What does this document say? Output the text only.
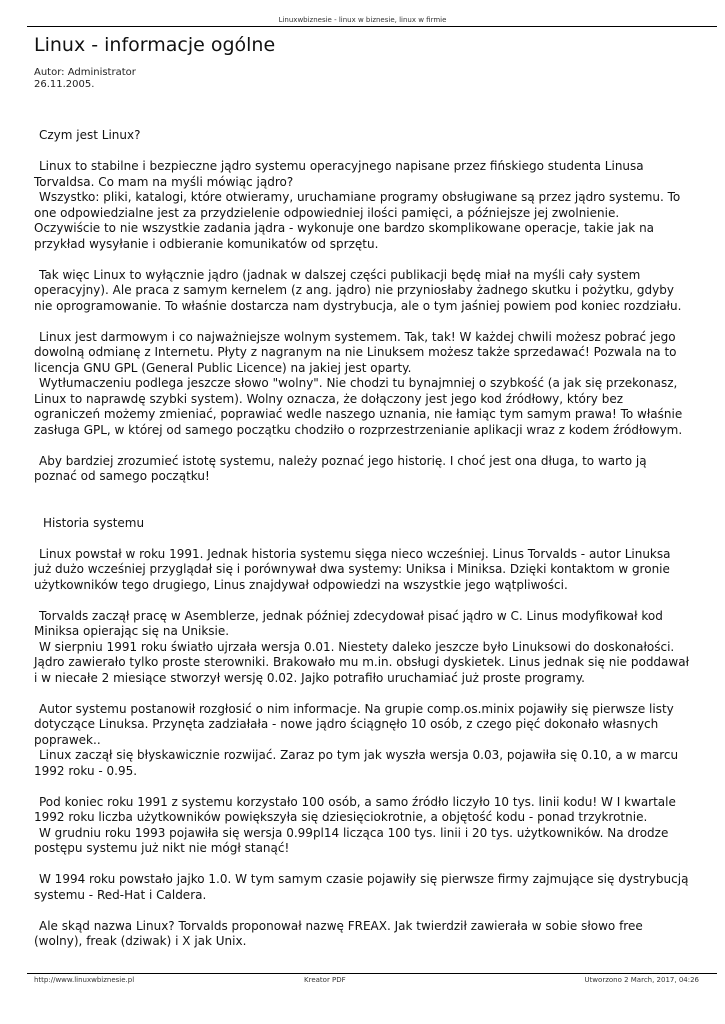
Linuxwbiznesie - linux w biznesie, linux w firmie
Linux - informacje ogólne
Autor: Administrator
26.11.2005.

Czym jest Linux?

Linux to stabilne i bezpieczne jądro systemu operacyjnego napisane przez fińskiego studenta Linusa Torvaldsa. Co mam na myśli mówiąc jądro?

Wszystko: pliki, katalogi, które otwieramy, uruchamiane programy obsługiwane są przez jądro systemu. To one odpowiedzialne jest za przydzielenie odpowiedniej ilości pamięci, a późniejsze jej zwolnienie. Oczywiście to nie wszystkie zadania jądra - wykonuje one bardzo skomplikowane operacje, takie jak na przykład wysyłanie i odbieranie komunikatów od sprzętu.

Tak więc Linux to wyłącznie jądro (jadnak w dalszej części publikacji będę miał na myśli cały system operacyjny). Ale praca z samym kernelem (z ang. jądro) nie przyniosłaby żadnego skutku i pożytku, gdyby nie oprogramowanie. To właśnie dostarcza nam dystrybucja, ale o tym jaśniej powiem pod koniec rozdziału.

Linux jest darmowym i co najważniejsze wolnym systemem. Tak, tak! W każdej chwili możesz pobrać jego dowolną odmianę z Internetu. Płyty z nagranym na nie Linuksem możesz także sprzedawać! Pozwala na to licencja GNU GPL (General Public Licence) na jakiej jest oparty.

Wytłumaczeniu podlega jeszcze słowo "wolny". Nie chodzi tu bynajmniej o szybkość (a jak się przekonasz, Linux to naprawdę szybki system). Wolny oznacza, że dołączony jest jego kod źródłowy, który bez ograniczeń możemy zmieniać, poprawiać wedle naszego uznania, nie łamiąc tym samym prawa! To właśnie zasługa GPL, w której od samego początku chodziło o rozprzestrzenianie aplikacji wraz z kodem źródłowym.

Aby bardziej zrozumieć istotę systemu, należy poznać jego historię. I choć jest ona długa, to warto ją poznać od samego początku!

Historia systemu

Linux powstał w roku 1991. Jednak historia systemu sięga nieco wcześniej. Linus Torvalds - autor Linuksa już dużo wcześniej przyglądał się i porównywał dwa systemy: Uniksa i Miniksa. Dzięki kontaktom w gronie użytkowników tego drugiego, Linus znajdywał odpowiedzi na wszystkie jego wątpliwości.

Torvalds zaczął pracę w Asemblerze, jednak później zdecydował pisać jądro w C. Linus modyfikował kod Miniksa opierając się na Uniksie.

W sierpniu 1991 roku światło ujrzała wersja 0.01. Niestety daleko jeszcze było Linuksowi do doskonałości. Jądro zawierało tylko proste sterowniki. Brakowało mu m.in. obsługi dyskietek. Linus jednak się nie poddawał i w niecałe 2 miesiące stworzył wersję 0.02. Jajko potrafiło uruchamiać już proste programy.

Autor systemu postanowił rozgłosić o nim informacje. Na grupie comp.os.minix pojawiły się pierwsze listy dotyczące Linuksa. Przynęta zadziałała - nowe jądro ściągnęło 10 osób, z czego pięć dokonało własnych poprawek..

Linux zaczął się błyskawicznie rozwijać. Zaraz po tym jak wyszła wersja 0.03, pojawiła się 0.10, a w marcu 1992 roku - 0.95.

Pod koniec roku 1991 z systemu korzystało 100 osób, a samo źródło liczyło 10 tys. linii kodu! W I kwartale 1992 roku liczba użytkowników powiększyła się dziesięciokrotnie, a objętość kodu - ponad trzykrotnie.

W grudniu roku 1993 pojawiła się wersja 0.99pl14 licząca 100 tys. linii i 20 tys. użytkowników. Na drodze postępu systemu już nikt nie mógł stanąć!

W 1994 roku powstało jajko 1.0. W tym samym czasie pojawiły się pierwsze firmy zajmujące się dystrybucją systemu - Red-Hat i Caldera.

Ale skąd nazwa Linux? Torvalds proponował nazwę FREAX. Jak twierdził zawierała w sobie słowo free (wolny), freak (dziwak) i X jak Unix.

http://www.linuxwbiznesie.pl	Kreator PDF	Utworzono 2 March, 2017, 04:26
